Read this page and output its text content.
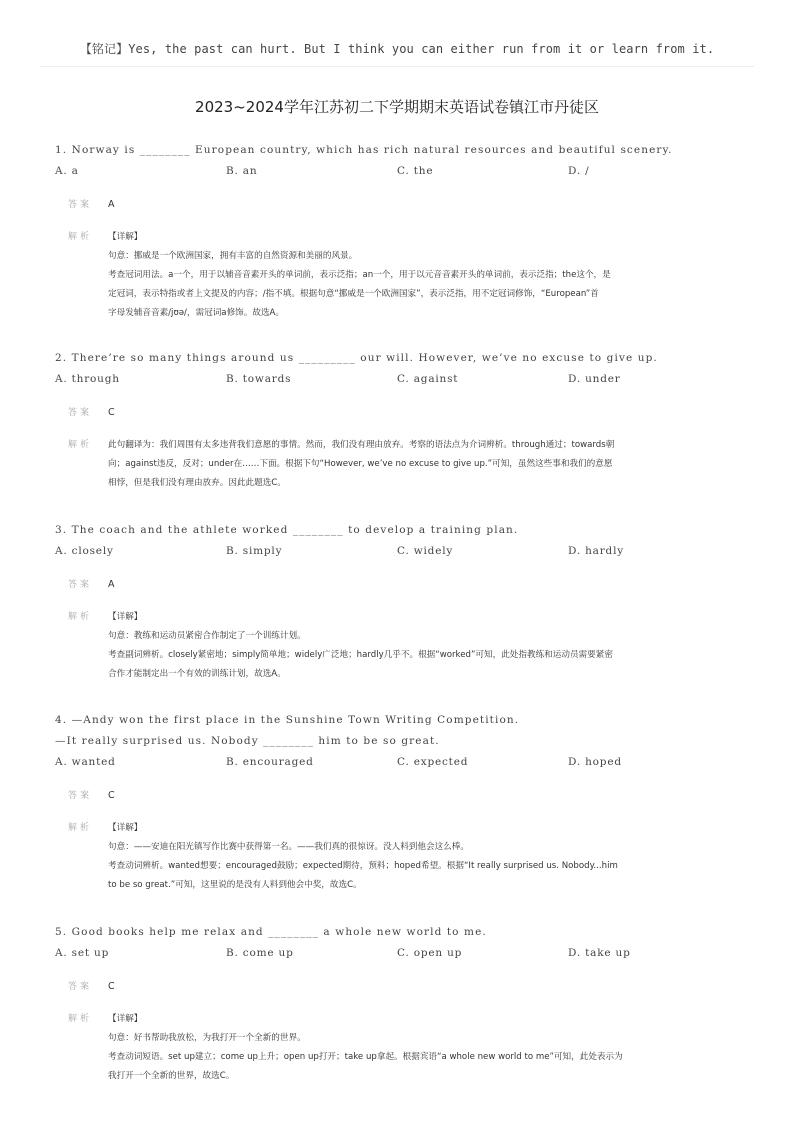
【铭记】Yes, the past can hurt. But I think you can either run from it or learn from it.
2023~2024学年江苏初二下学期期末英语试卷镇江市丹徒区
1. Norway is ________ European country, which has rich natural resources and beautiful scenery.
A. a	B. an	C. the	D. /
答案 A
解析 【详解】
句意：挪威是一个欧洲国家，拥有丰富的自然资源和美丽的风景。
考查冠词用法。a一个，用于以辅音音素开头的单词前，表示泛指；an一个，用于以元音音素开头的单词前，表示泛指；the这个，是
定冠词，表示特指或者上文提及的内容；/指不填。根据句意“挪威是一个欧洲国家”，表示泛指，用不定冠词修饰，“European”首
字母发辅音音素/jʊə/，需冠词a修饰。故选A。
2. There’re so many things around us _________ our will. However, we’ve no excuse to give up.
A. through	B. towards	C. against	D. under
答案 C
解析 此句翻译为：我们周围有太多违背我们意愿的事情。然而，我们没有理由放弃。考察的语法点为介词辨析。through通过；towards朝
向；against违反，反对；under在……下面。根据下句“However, we’ve no excuse to give up.”可知，虽然这些事和我们的意愿
相悖，但是我们没有理由放弃。因此此题选C。
3. The coach and the athlete worked ________ to develop a training plan.
A. closely	B. simply	C. widely	D. hardly
答案 A
解析 【详解】
句意：教练和运动员紧密合作制定了一个训练计划。
考查副词辨析。closely紧密地；simply简单地；widely广泛地；hardly几乎不。根据“worked”可知，此处指教练和运动员需要紧密
合作才能制定出一个有效的训练计划，故选A。
4. —Andy won the first place in the Sunshine Town Writing Competition.
—It really surprised us. Nobody ________ him to be so great.
A. wanted	B. encouraged	C. expected	D. hoped
答案 C
解析 【详解】
句意：——安迪在阳光镇写作比赛中获得第一名。——我们真的很惊讶。没人料到他会这么棒。
考查动词辨析。wanted想要；encouraged鼓励；expected期待，预料；hoped希望。根据“It really surprised us. Nobody...him
to be so great.”可知，这里说的是没有人料到他会中奖，故选C。
5. Good books help me relax and ________ a whole new world to me.
A. set up	B. come up	C. open up	D. take up
答案 C
解析 【详解】
句意：好书帮助我放松，为我打开一个全新的世界。
考查动词短语。set up建立；come up上升；open up打开；take up拿起。根据宾语“a whole new world to me”可知，此处表示为
我打开一个全新的世界，故选C。
